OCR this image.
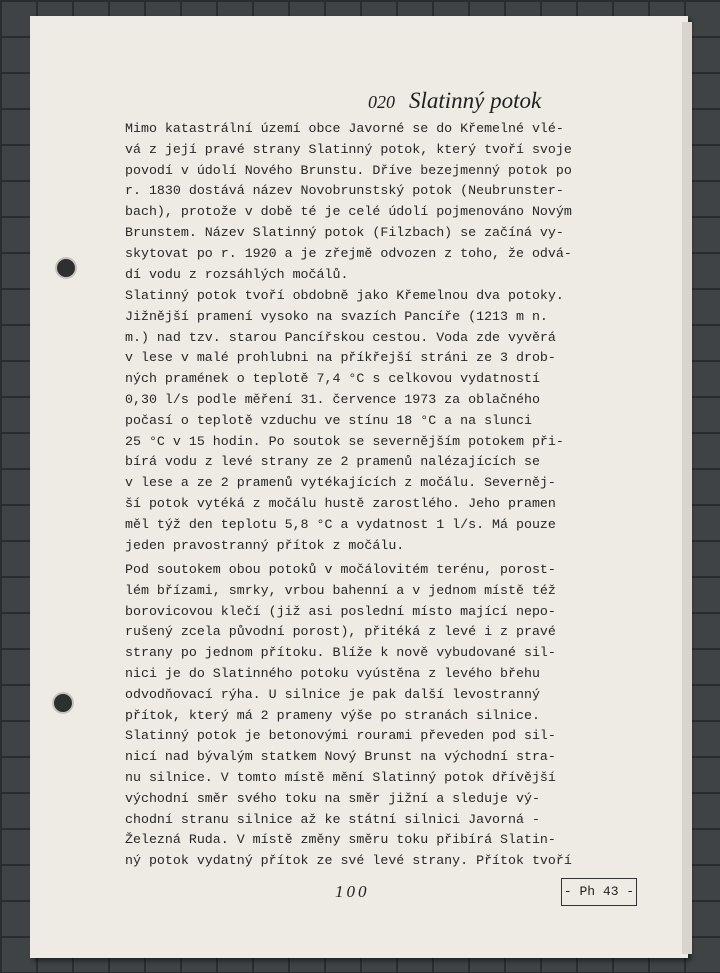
020 Slatinný potok
Mimo katastrální území obce Javorné se do Křemelné vlé-
vá z její pravé strany Slatinný potok, který tvoří svoje
povodí v údolí Nového Brunstu. Dříve bezejmenný potok po
r. 1830 dostává název Novobrunstský potok (Neubrunster-
bach), protože v době té je celé údolí pojmenováno Novým
Brunstem. Název Slatinný potok (Filzbach) se začíná vy-
skytovat po r. 1920 a je zřejmě odvozen z toho, že odvá-
dí vodu z rozsáhlých močálů.
Slatinný potok tvoří obdobně jako Křemelnou dva potoky.
Jižnější pramení vysoko na svazích Pancíře (1213 m n.
m.) nad tzv. starou Pancířskou cestou. Voda zde vyvěrá
v lese v malé prohlubni na příkřejší stráni ze 3 drob-
ných pramének o teplotě 7,4 °C s celkovou vydatností
0,30 l/s podle měření 31. července 1973 za oblačného
počasí o teplotě vzduchu ve stínu 18 °C a na slunci
25 °C v 15 hodin. Po soutok se severnějším potokem při-
bírá vodu z levé strany ze 2 pramenů nalézajících se
v lese a ze 2 pramenů vytékajících z močálu. Severněj-
ší potok vytéká z močálu hustě zarostlého. Jeho pramen
měl týž den teplotu 5,8 °C a vydatnost 1 l/s. Má pouze
jeden pravostranný přítok z močálu.
Pod soutokem obou potoků v močálovitém terénu, porost-
lém břízami, smrky, vrbou bahenní a v jednom místě též
borovicovou klečí (již asi poslední místo mající nepo-
rušený zcela původní porost), přitéká z levé i z pravé
strany po jednom přítoku. Blíže k nově vybudované sil-
nici je do Slatinného potoku vyústěna z levého břehu
odvodňovací rýha. U silnice je pak další levostranný
přítok, který má 2 prameny výše po stranách silnice.
Slatinný potok je betonovými rourami převeden pod sil-
nicí nad bývalým statkem Nový Brunst na východní stra-
nu silnice. V tomto místě mění Slatinný potok dřívější
východní směr svého toku na směr jižní a sleduje vý-
chodní stranu silnice až ke státní silnici Javorná -
Železná Ruda. V místě změny směru toku přibírá Slatin-
ný potok vydatný přítok ze své levé strany. Přítok tvoří
100	- Ph 43 -
